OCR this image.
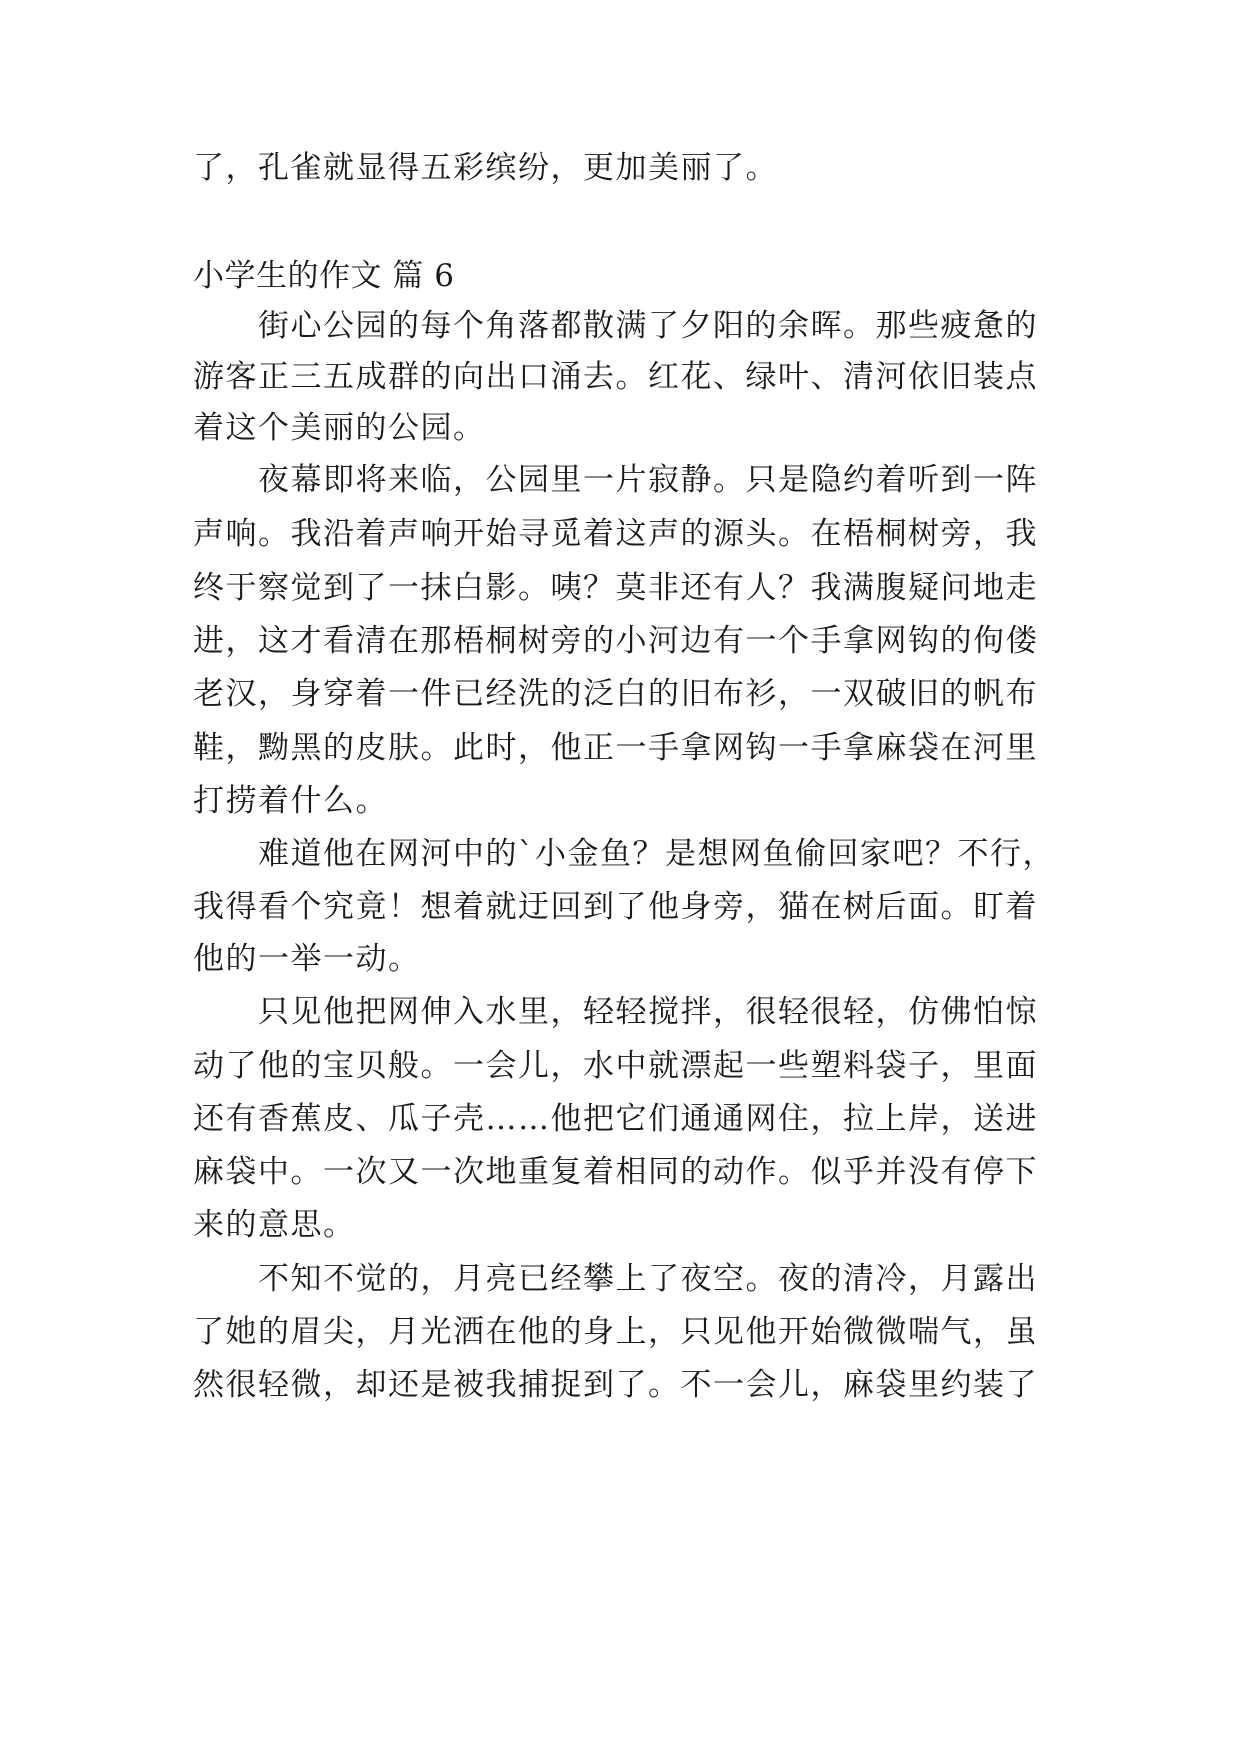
了，孔雀就显得五彩缤纷，更加美丽了。
小学生的作文 篇 6
　　街心公园的每个角落都散满了夕阳的余晖。那些疲惫的
游客正三五成群的向出口涌去。红花、绿叶、清河依旧装点
着这个美丽的公园。
　　夜幕即将来临，公园里一片寂静。只是隐约着听到一阵
声响。我沿着声响开始寻觅着这声的源头。在梧桐树旁，我
终于察觉到了一抹白影。咦？莫非还有人？我满腹疑问地走
进，这才看清在那梧桐树旁的小河边有一个手拿网钩的佝偻
老汉，身穿着一件已经洗的泛白的旧布衫，一双破旧的帆布
鞋，黝黑的皮肤。此时，他正一手拿网钩一手拿麻袋在河里
打捞着什么。
　　难道他在网河中的`小金鱼？是想网鱼偷回家吧？不行，
我得看个究竟！想着就迂回到了他身旁，猫在树后面。盯着
他的一举一动。
　　只见他把网伸入水里，轻轻搅拌，很轻很轻，仿佛怕惊
动了他的宝贝般。一会儿，水中就漂起一些塑料袋子，里面
还有香蕉皮、瓜子壳……他把它们通通网住，拉上岸，送进
麻袋中。一次又一次地重复着相同的动作。似乎并没有停下
来的意思。
　　不知不觉的，月亮已经攀上了夜空。夜的清冷，月露出
了她的眉尖，月光洒在他的身上，只见他开始微微喘气，虽
然很轻微，却还是被我捕捉到了。不一会儿，麻袋里约装了
